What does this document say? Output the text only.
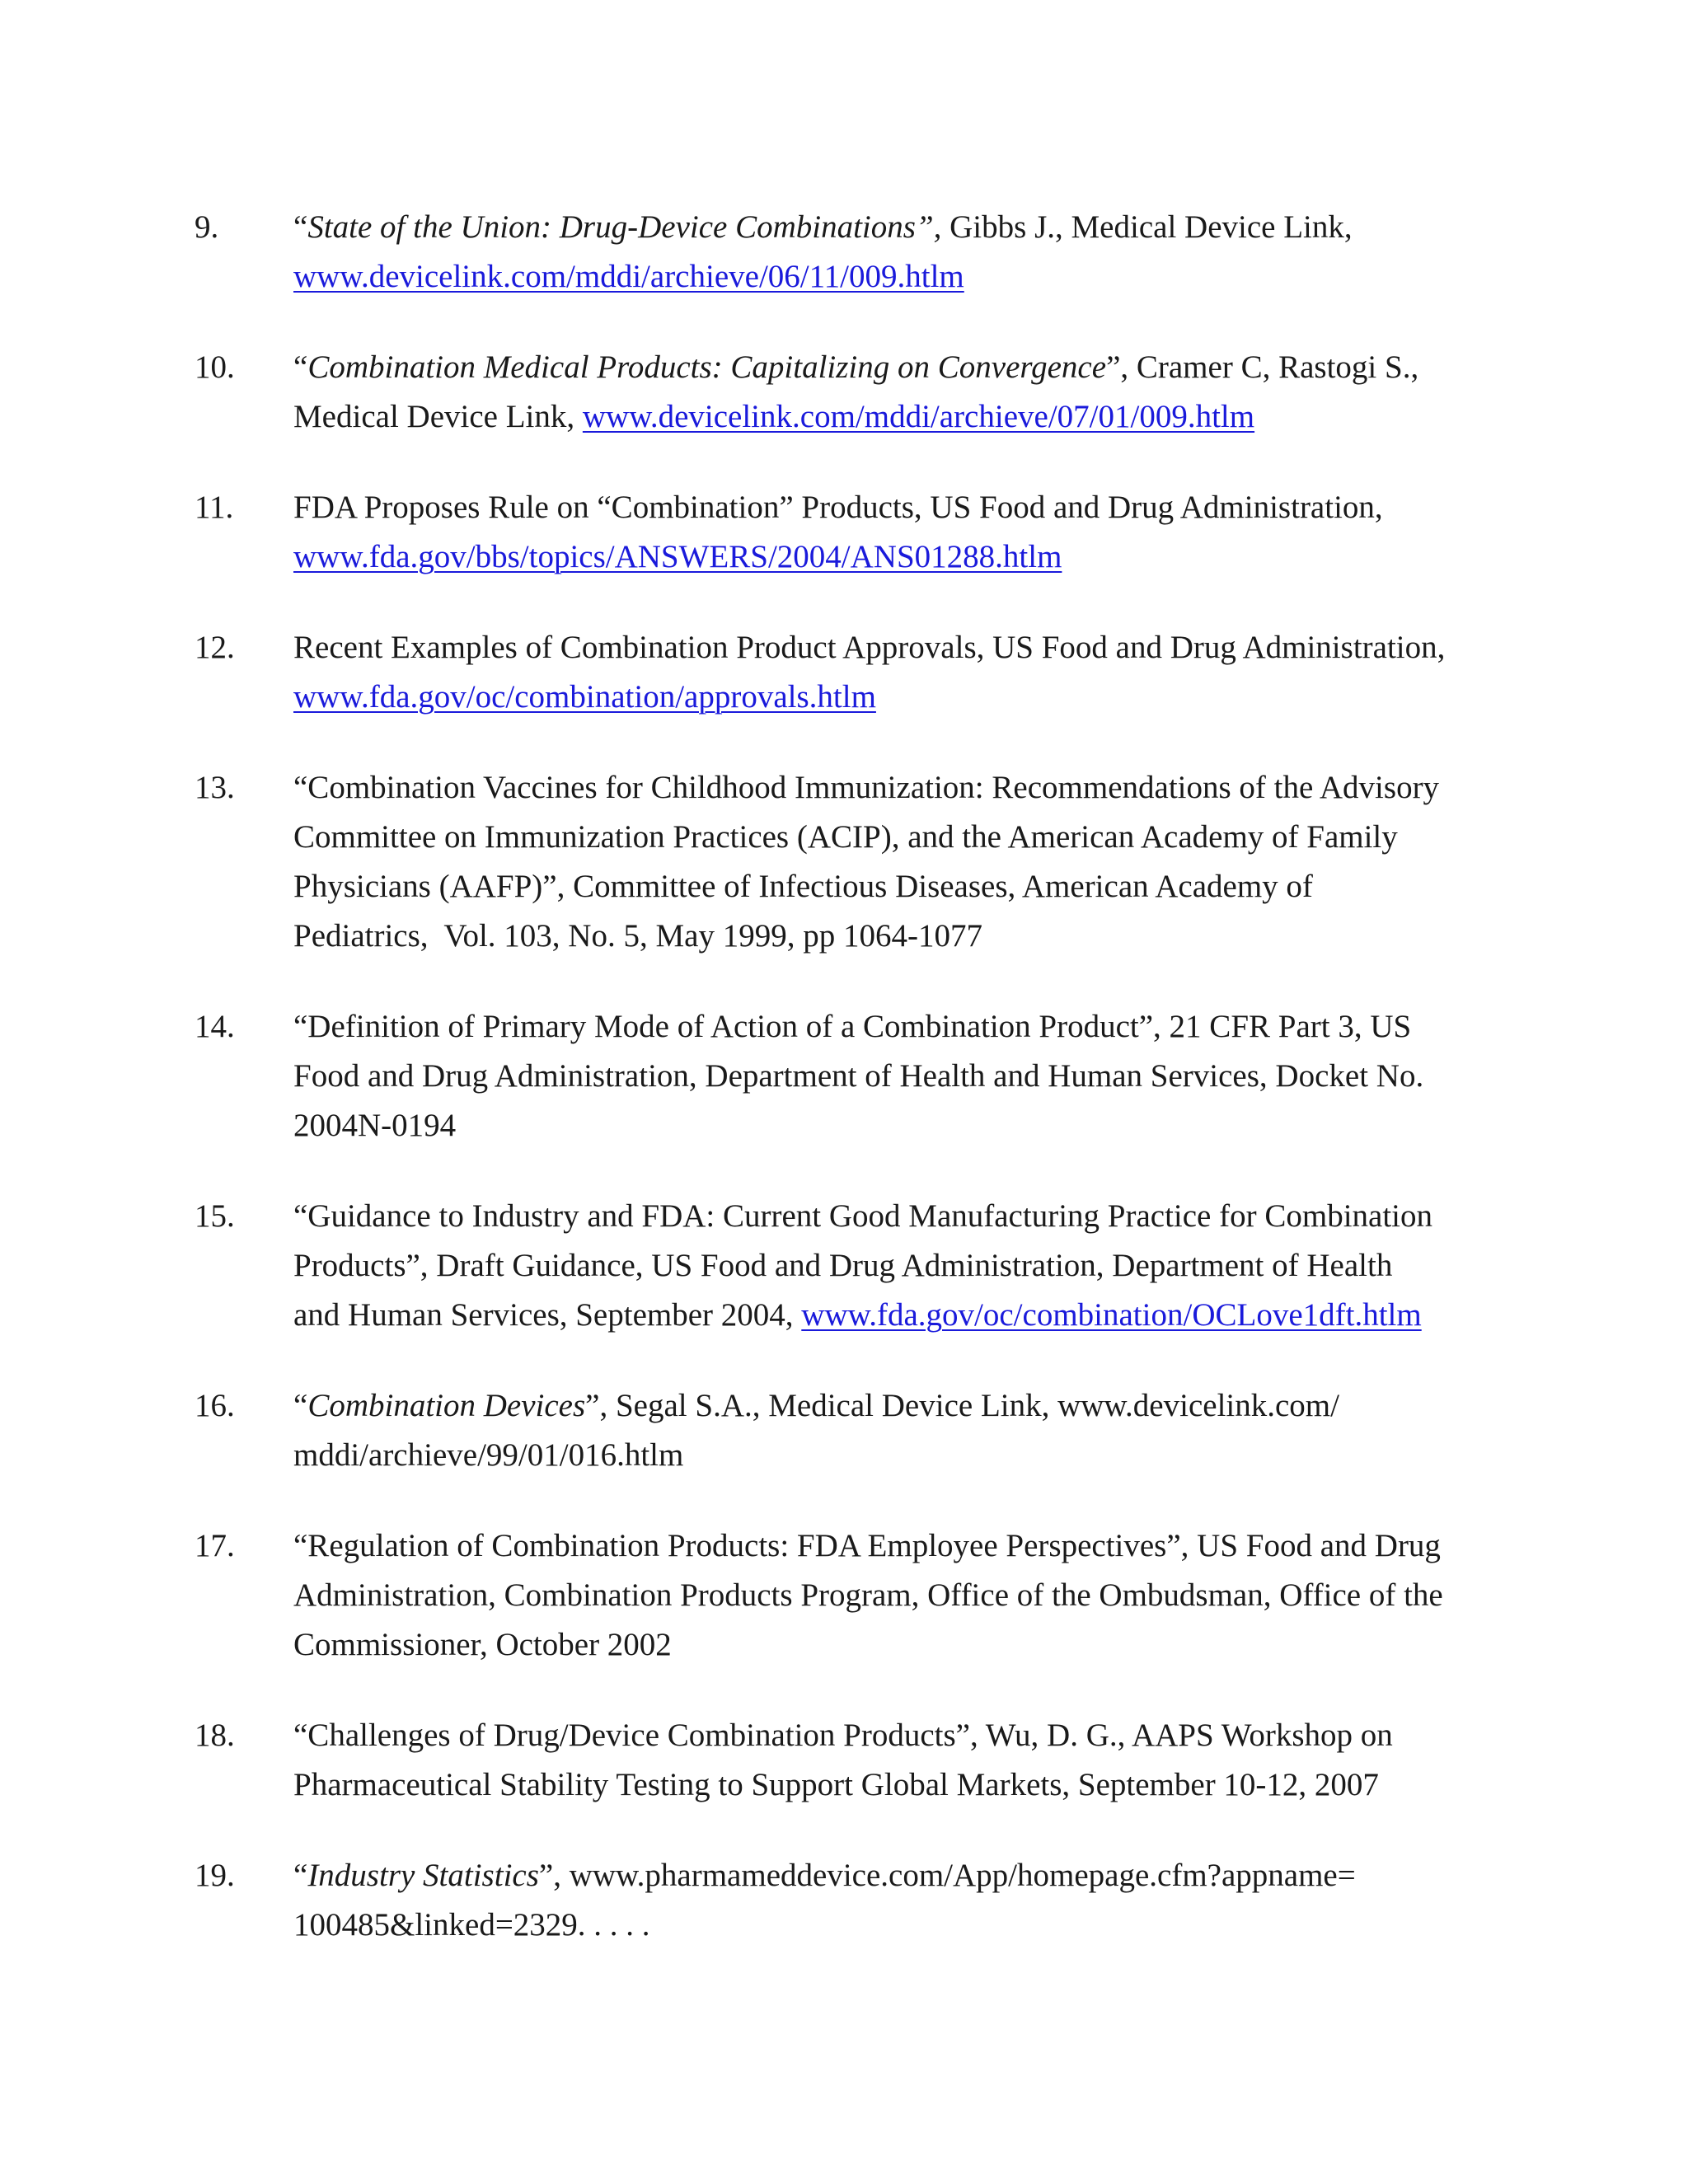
9.	“State of the Union: Drug-Device Combinations”, Gibbs J., Medical Device Link,
www.devicelink.com/mddi/archieve/06/11/009.htlm
10.	“Combination Medical Products: Capitalizing on Convergence”, Cramer C, Rastogi S.,
Medical Device Link, www.devicelink.com/mddi/archieve/07/01/009.htlm
11.	FDA Proposes Rule on “Combination” Products, US Food and Drug Administration,
www.fda.gov/bbs/topics/ANSWERS/2004/ANS01288.htlm
12.	Recent Examples of Combination Product Approvals, US Food and Drug Administration,
www.fda.gov/oc/combination/approvals.htlm
13.	“Combination Vaccines for Childhood Immunization: Recommendations of the Advisory
Committee on Immunization Practices (ACIP), and the American Academy of Family
Physicians (AAFP)”, Committee of Infectious Diseases, American Academy of
Pediatrics,  Vol. 103, No. 5, May 1999, pp 1064-1077
14.	“Definition of Primary Mode of Action of a Combination Product”, 21 CFR Part 3, US
Food and Drug Administration, Department of Health and Human Services, Docket No.
2004N-0194
15.	“Guidance to Industry and FDA: Current Good Manufacturing Practice for Combination
Products”, Draft Guidance, US Food and Drug Administration, Department of Health
and Human Services, September 2004, www.fda.gov/oc/combination/OCLove1dft.htlm
16.	“Combination Devices”, Segal S.A., Medical Device Link, www.devicelink.com/
mddi/archieve/99/01/016.htlm
17.	“Regulation of Combination Products: FDA Employee Perspectives”, US Food and Drug
Administration, Combination Products Program, Office of the Ombudsman, Office of the
Commissioner, October 2002
18.	“Challenges of Drug/Device Combination Products”, Wu, D. G., AAPS Workshop on
Pharmaceutical Stability Testing to Support Global Markets, September 10-12, 2007
19.	“Industry Statistics”, www.pharmameddevice.com/App/homepage.cfm?appname=
100485&linked=2329. . . . .
